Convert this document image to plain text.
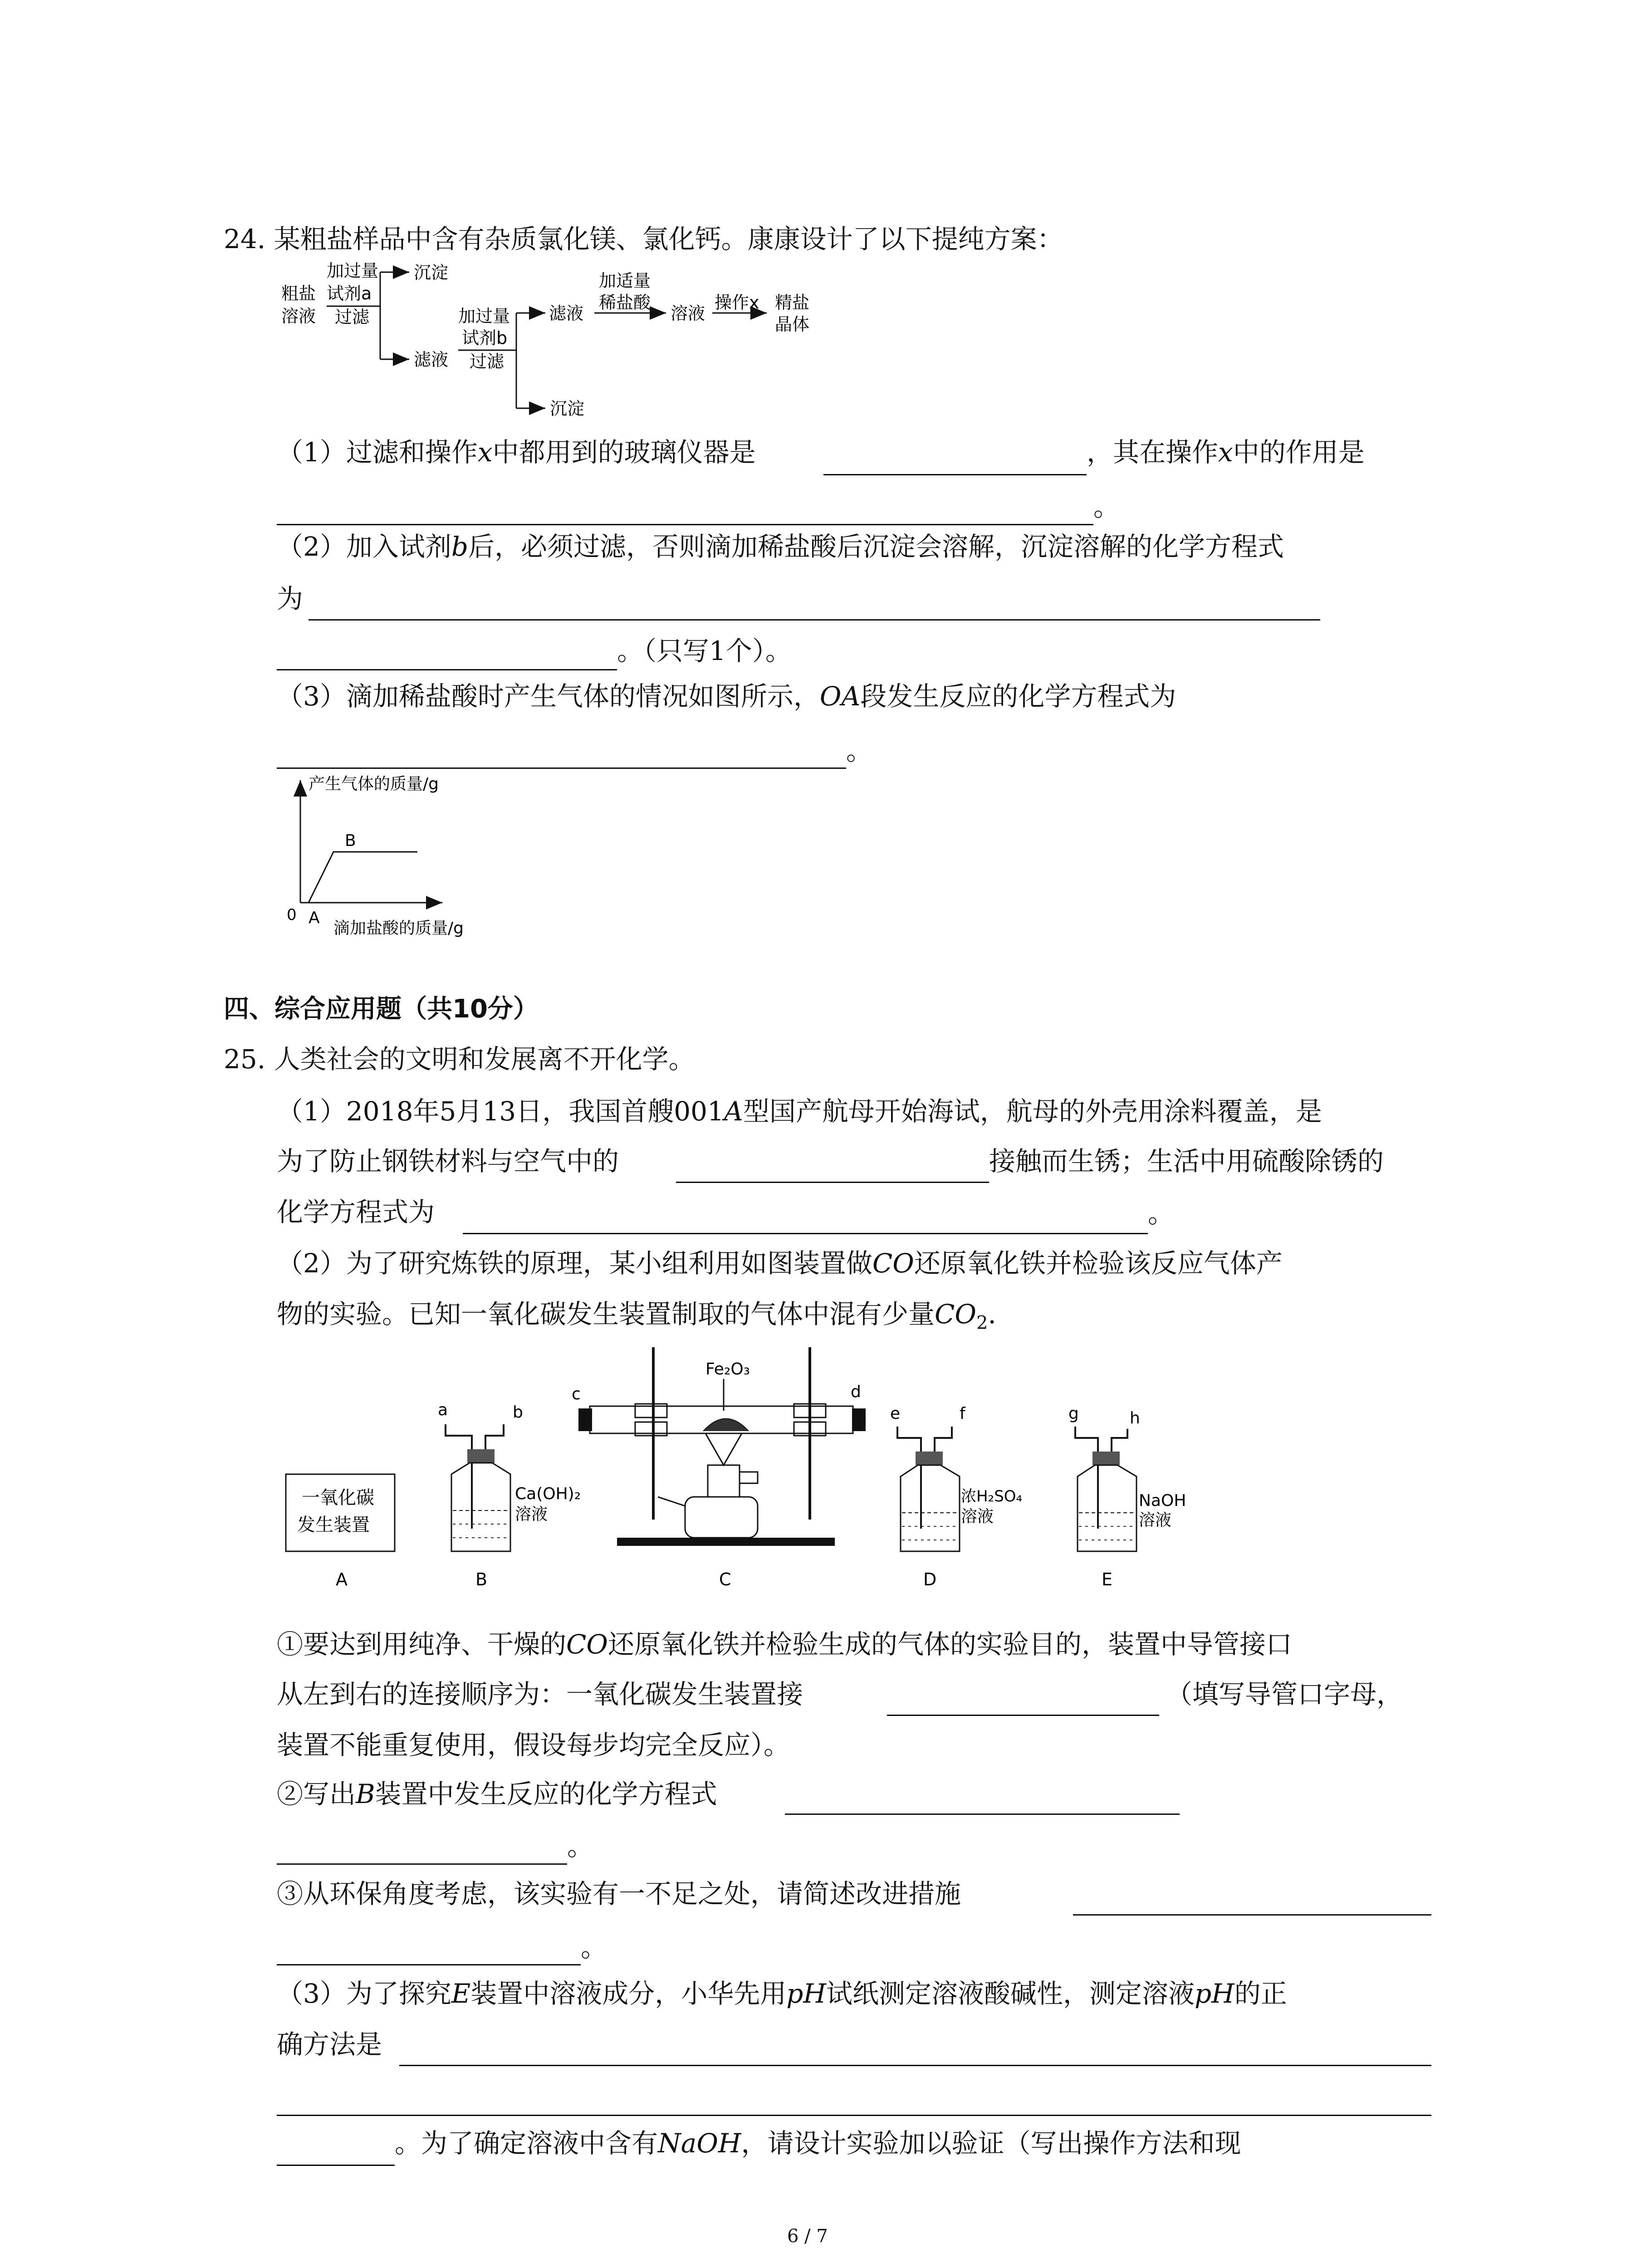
24. 某粗盐样品中含有杂质氯化镁、氯化钙。康康设计了以下提纯方案：
粗盐
溶液
加过量
试剂a
过滤
沉淀
滤液
加过量
试剂b
过滤
滤液
沉淀
加适量
稀盐酸
溶液
操作x 精盐
晶体
（1）过滤和操作x中都用到的玻璃仪器是	，其在操作x中的作用是
。
（2）加入试剂b后，必须过滤，否则滴加稀盐酸后沉淀会溶解，沉淀溶解的化学方程式
为
。（只写1个）。
（3）滴加稀盐酸时产生气体的情况如图所示，OA段发生反应的化学方程式为
。
产生气体的质量/g
0 A
B
滴加盐酸的质量/g
四、综合应用题（共10分）
25. 人类社会的文明和发展离不开化学。
（1）2018年5月13日，我国首艘001A型国产航母开始海试，航母的外壳用涂料覆盖，是
为了防止钢铁材料与空气中的	接触而生锈；生活中用硫酸除锈的
化学方程式为	。
（2）为了研究炼铁的原理，某小组利用如图装置做CO还原氧化铁并检验该反应气体产
物的实验。已知一氧化碳发生装置制取的气体中混有少量$CO_2$.
一氧化碳
发生装置
A
a	b
Ca(OH)₂
溶液
B
c	d
Fe₂O₃
C
e	f
浓H₂SO₄
溶液
D
g	h
NaOH
溶液
E
①要达到用纯净、干燥的CO还原氧化铁并检验生成的气体的实验目的，装置中导管接口
从左到右的连接顺序为：一氧化碳发生装置接	（填写导管口字母，
装置不能重复使用，假设每步均完全反应）。
②写出B装置中发生反应的化学方程式
。
③从环保角度考虑，该实验有一不足之处，请简述改进措施
。
（3）为了探究E装置中溶液成分，小华先用pH试纸测定溶液酸碱性，测定溶液pH的正
确方法是
。为了确定溶液中含有NaOH，请设计实验加以验证（写出操作方法和现
6 / 7
